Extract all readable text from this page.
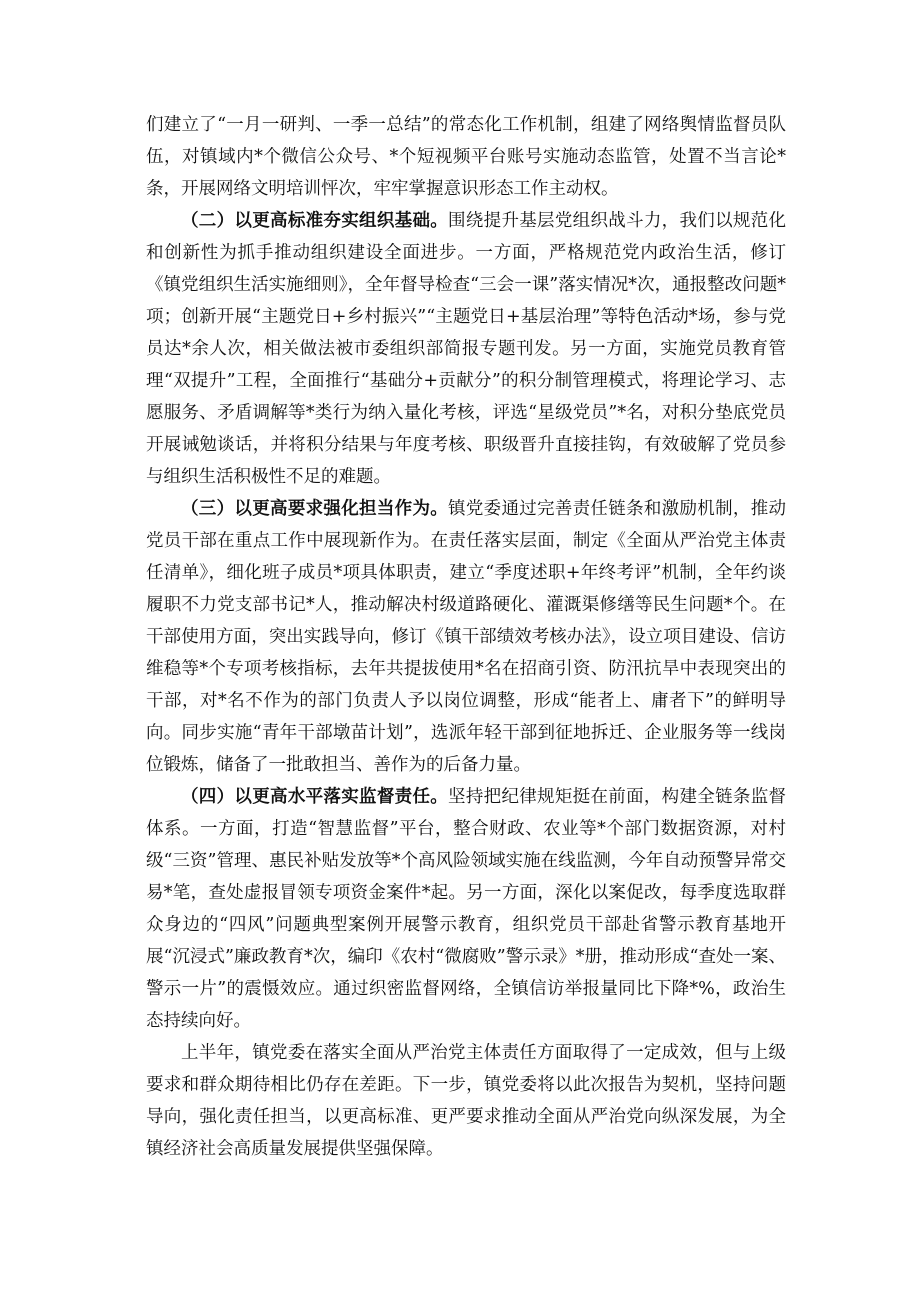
们建立了“一月一研判、一季一总结”的常态化工作机制，组建了网络舆情监督员队伍，对镇域内*个微信公众号、*个短视频平台账号实施动态监管，处置不当言论*条，开展网络文明培训怦次，牢牢掌握意识形态工作主动权。

（二）以更高标准夯实组织基础。围绕提升基层党组织战斗力，我们以规范化和创新性为抓手推动组织建设全面进步。一方面，严格规范党内政治生活，修订《镇党组织生活实施细则》，全年督导检查“三会一课”落实情况*次，通报整改问题*项；创新开展“主题党日+乡村振兴”“主题党日+基层治理”等特色活动*场，参与党员达*余人次，相关做法被市委组织部简报专题刊发。另一方面，实施党员教育管理“双提升”工程，全面推行“基础分+贡献分”的积分制管理模式，将理论学习、志愿服务、矛盾调解等*类行为纳入量化考核，评选“星级党员”*名，对积分垫底党员开展诫勉谈话，并将积分结果与年度考核、职级晋升直接挂钩，有效破解了党员参与组织生活积极性不足的难题。

（三）以更高要求强化担当作为。镇党委通过完善责任链条和激励机制，推动党员干部在重点工作中展现新作为。在责任落实层面，制定《全面从严治党主体责任清单》，细化班子成员*项具体职责，建立“季度述职+年终考评”机制，全年约谈履职不力党支部书记*人，推动解决村级道路硬化、灌溉渠修缮等民生问题*个。在干部使用方面，突出实践导向，修订《镇干部绩效考核办法》，设立项目建设、信访维稳等*个专项考核指标，去年共提拔使用*名在招商引资、防汛抗旱中表现突出的干部，对*名不作为的部门负责人予以岗位调整，形成“能者上、庸者下”的鲜明导向。同步实施“青年干部墩苗计划”，选派年轻干部到征地拆迁、企业服务等一线岗位锻炼，储备了一批敢担当、善作为的后备力量。

（四）以更高水平落实监督责任。坚持把纪律规矩挺在前面，构建全链条监督体系。一方面，打造“智慧监督”平台，整合财政、农业等*个部门数据资源，对村级“三资”管理、惠民补贴发放等*个高风险领域实施在线监测，今年自动预警异常交易*笔，查处虚报冒领专项资金案件*起。另一方面，深化以案促改，每季度选取群众身边的“四风”问题典型案例开展警示教育，组织党员干部赴省警示教育基地开展“沉浸式”廉政教育*次，编印《农村“微腐败”警示录》*册，推动形成“查处一案、警示一片”的震慑效应。通过织密监督网络，全镇信访举报量同比下降*%，政治生态持续向好。

上半年，镇党委在落实全面从严治党主体责任方面取得了一定成效，但与上级要求和群众期待相比仍存在差距。下一步，镇党委将以此次报告为契机，坚持问题导向，强化责任担当，以更高标准、更严要求推动全面从严治党向纵深发展，为全镇经济社会高质量发展提供坚强保障。
